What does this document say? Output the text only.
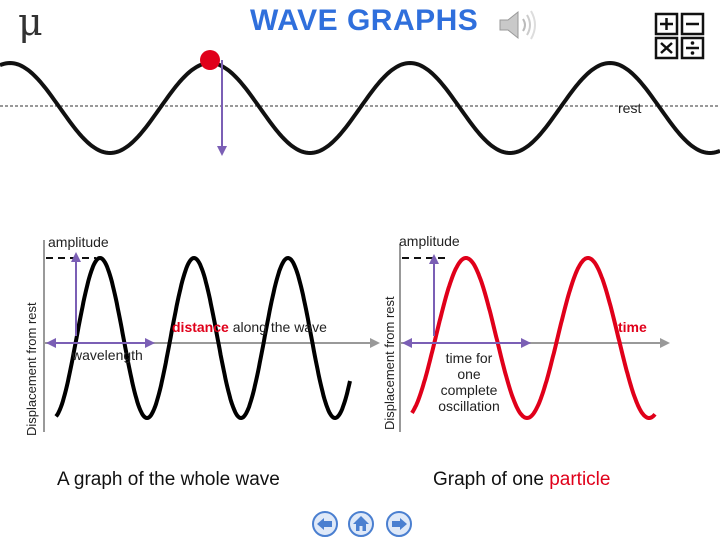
μ	WAVE GRAPHS
rest
Displacement from rest
amplitude
distance along the wave
wavelength
A graph of the whole wave
Displacement from rest
amplitude
time
time for
one
complete
oscillation
Graph of one particle
